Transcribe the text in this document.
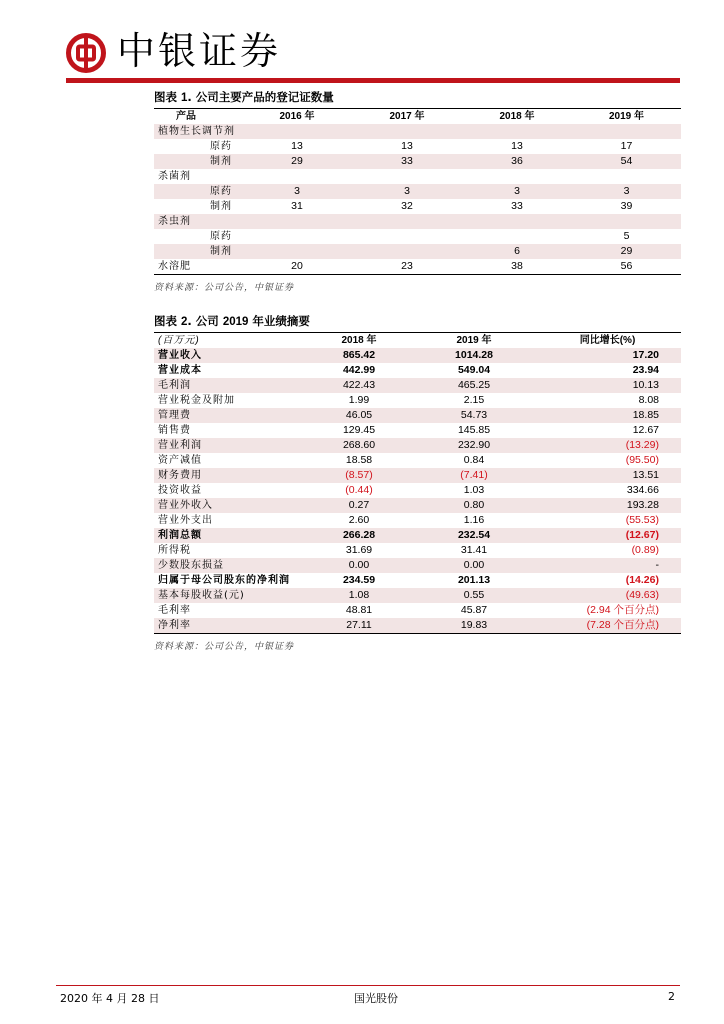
中银证券
图表 1. 公司主要产品的登记证数量
产品	2016 年	2017 年	2018 年	2019 年
植物生长调节剂				
原药	13	13	13	17
制剂	29	33	36	54
杀菌剂				
原药	3	3	3	3
制剂	31	32	33	39
杀虫剂				
原药				5
制剂			6	29
水溶肥	20	23	38	56
资料来源：公司公告，中银证券
图表 2. 公司 2019 年业绩摘要
(百万元)	2018 年	2019 年	同比增长(%)
营业收入	865.42	1014.28	17.20
营业成本	442.99	549.04	23.94
毛利润	422.43	465.25	10.13
营业税金及附加	1.99	2.15	8.08
管理费	46.05	54.73	18.85
销售费	129.45	145.85	12.67
营业利润	268.60	232.90	(13.29)
资产减值	18.58	0.84	(95.50)
财务费用	(8.57)	(7.41)	13.51
投资收益	(0.44)	1.03	334.66
营业外收入	0.27	0.80	193.28
营业外支出	2.60	1.16	(55.53)
利润总额	266.28	232.54	(12.67)
所得税	31.69	31.41	(0.89)
少数股东损益	0.00	0.00	-
归属于母公司股东的净利润	234.59	201.13	(14.26)
基本每股收益(元)	1.08	0.55	(49.63)
毛利率	48.81	45.87	(2.94 个百分点)
净利率	27.11	19.83	(7.28 个百分点)
资料来源：公司公告，中银证券
2020 年 4 月 28 日	国光股份	2
